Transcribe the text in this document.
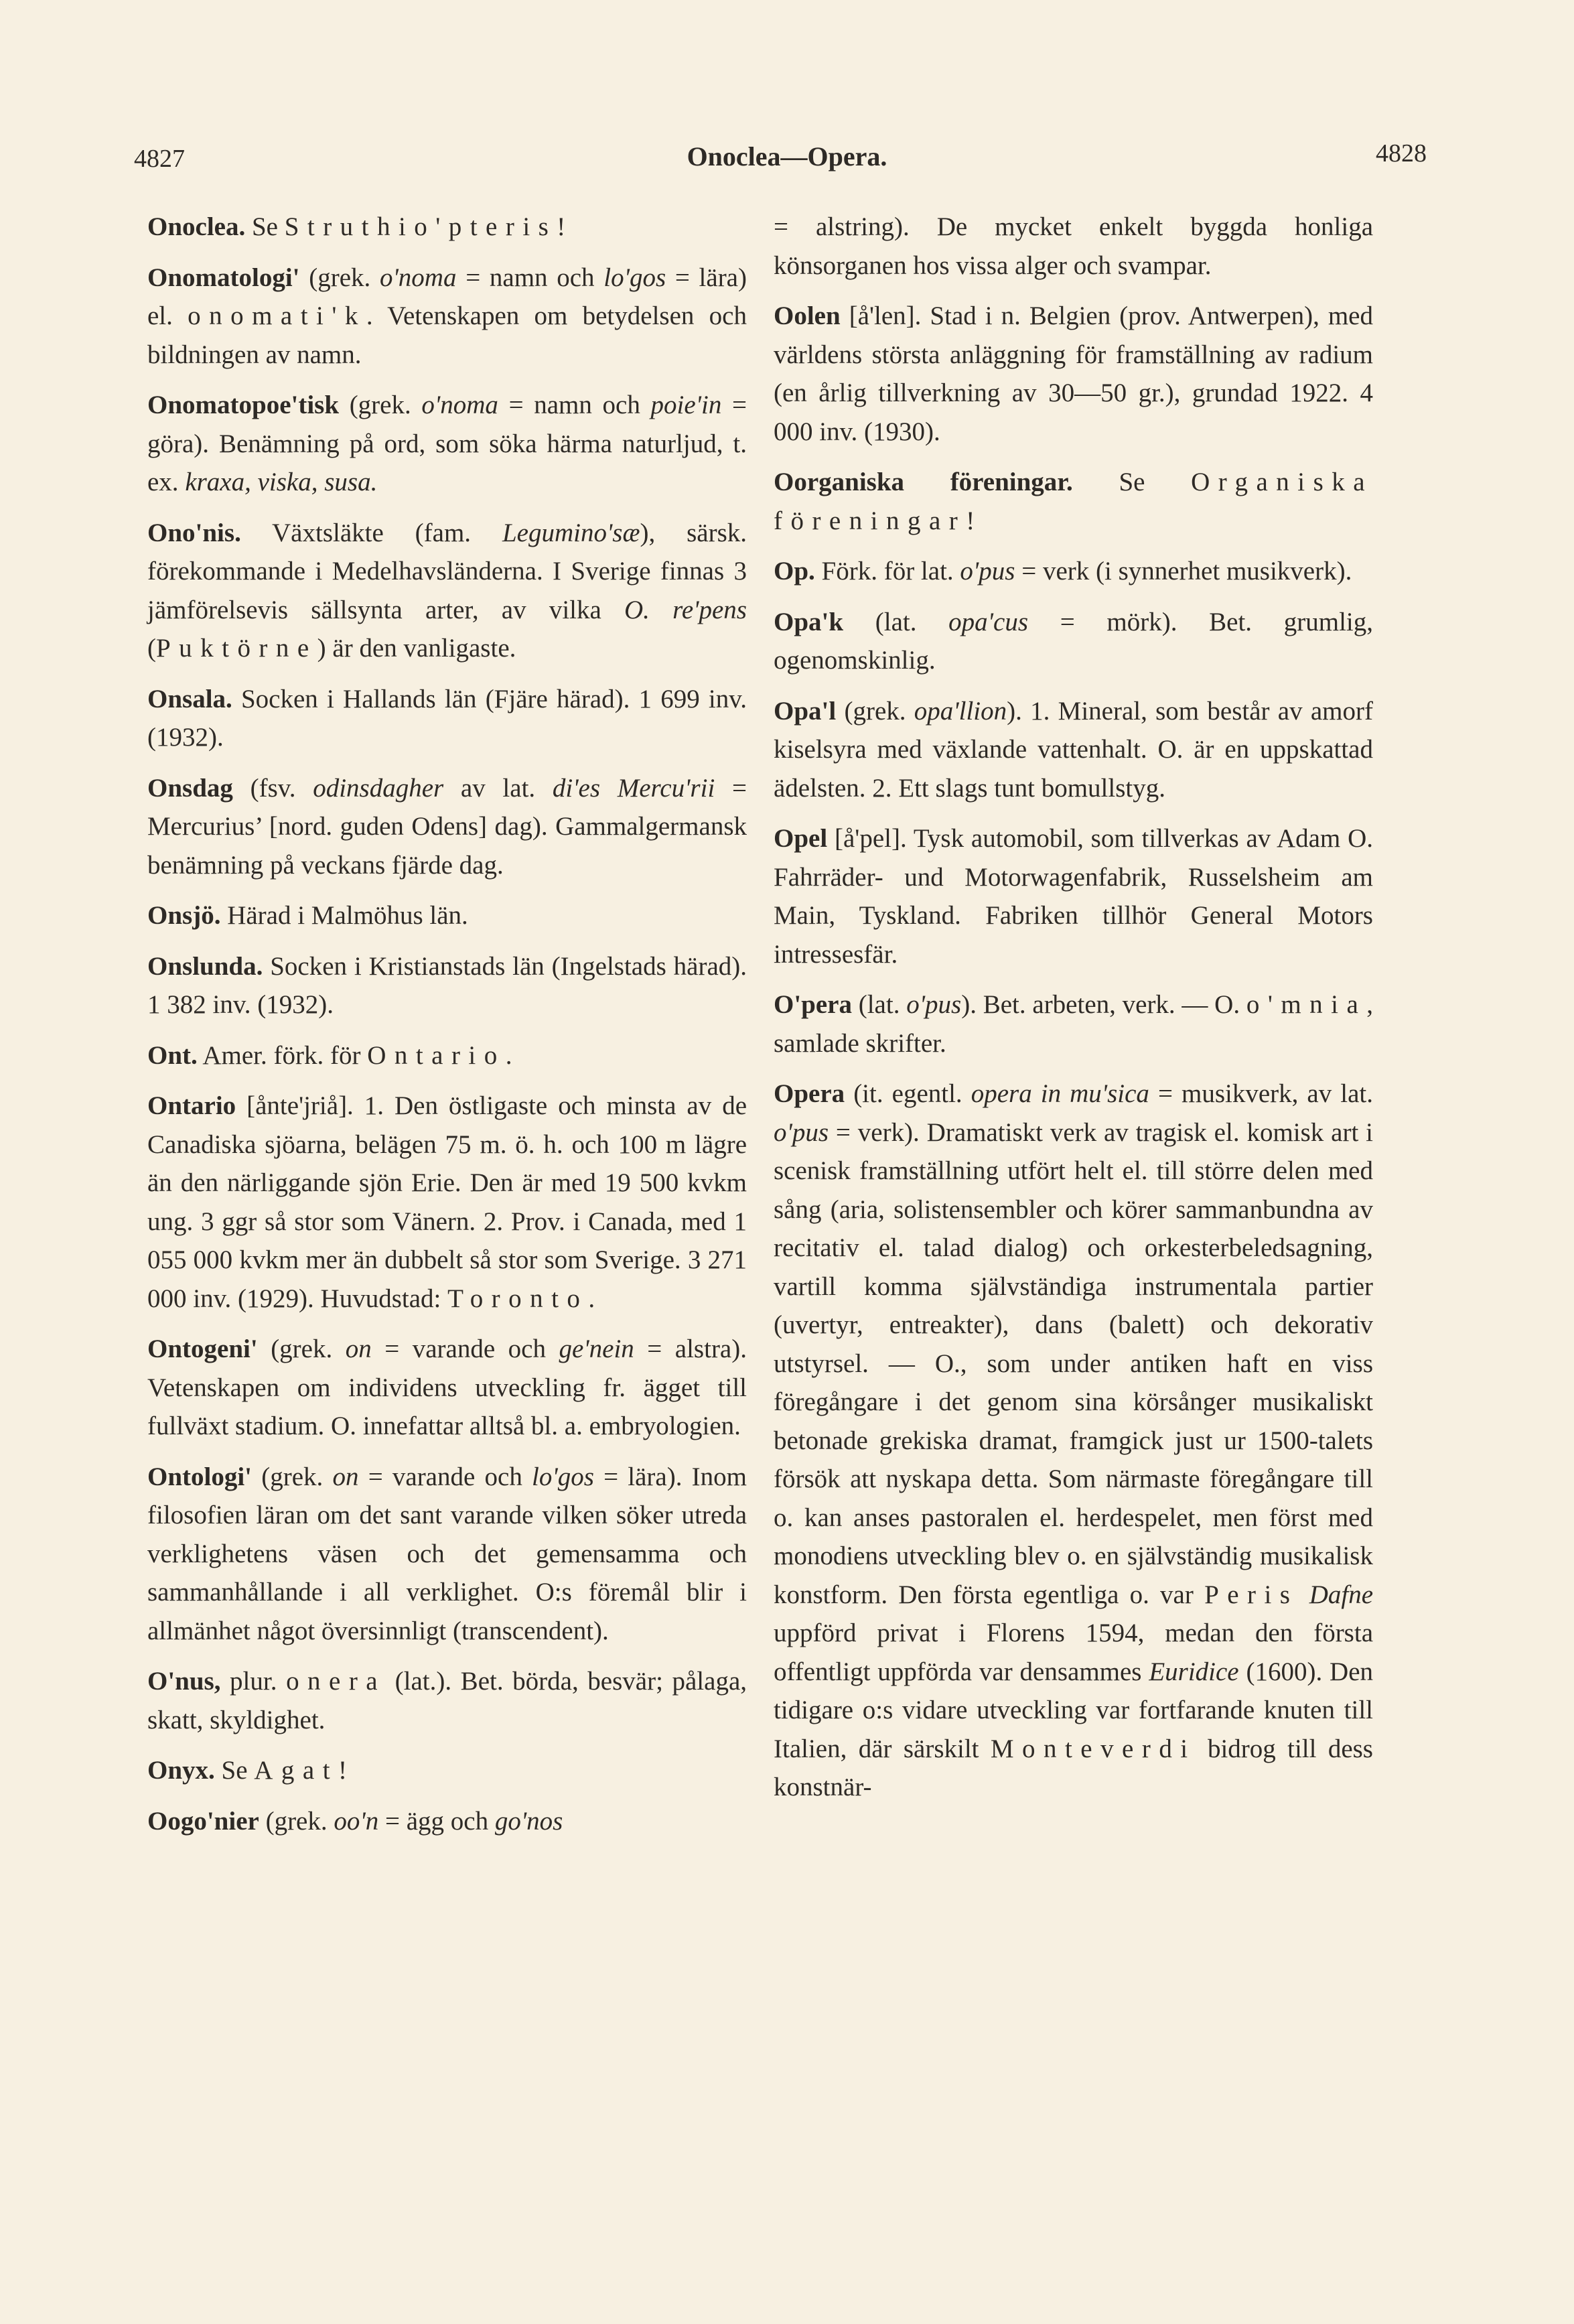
4827	Onoclea—Opera.	4828

Onoclea. Se Struthio'pteris!

Onomatologi' (grek. o'noma = namn och lo'gos = lära) el. onomati'k. Vetenskapen om betydelsen och bildningen av namn.

Onomatopoe'tisk (grek. o'noma = namn och poie'in = göra). Benämning på ord, som söka härma naturljud, t. ex. kraxa, viska, susa.

Ono'nis. Växtsläkte (fam. Legumino'sæ), särsk. förekommande i Medelhavsländerna. I Sverige finnas 3 jämförelsevis sällsynta arter, av vilka O. re'pens (Puktörne) är den vanligaste.

Onsala. Socken i Hallands län (Fjäre härad). 1 699 inv. (1932).

Onsdag (fsv. odinsdagher av lat. di'es Mercu'rii = Mercurius’ [nord. guden Odens] dag). Gammalgermansk benämning på veckans fjärde dag.

Onsjö. Härad i Malmöhus län.

Onslunda. Socken i Kristianstads län (Ingelstads härad). 1 382 inv. (1932).

Ont. Amer. förk. för Ontario.

Ontario [ånte'jriå]. 1. Den östligaste och minsta av de Canadiska sjöarna, belägen 75 m. ö. h. och 100 m lägre än den närliggande sjön Erie. Den är med 19 500 kvkm ung. 3 ggr så stor som Vänern. 2. Prov. i Canada, med 1 055 000 kvkm mer än dubbelt så stor som Sverige. 3 271 000 inv. (1929). Huvudstad: Toronto.

Ontogeni' (grek. on = varande och ge'nein = alstra). Vetenskapen om individens utveckling fr. ägget till fullväxt stadium. O. innefattar alltså bl. a. embryologien.

Ontologi' (grek. on = varande och lo'gos = lära). Inom filosofien läran om det sant varande vilken söker utreda verklighetens väsen och det gemensamma och sammanhållande i all verklighet. O:s föremål blir i allmänhet något översinnligt (transcendent).

O'nus, plur. onera (lat.). Bet. börda, besvär; pålaga, skatt, skyldighet.

Onyx. Se Agat!

Oogo'nier (grek. oo'n = ägg och go'nos

= alstring). De mycket enkelt byggda honliga könsorganen hos vissa alger och svampar.

Oolen [å'len]. Stad i n. Belgien (prov. Antwerpen), med världens största anläggning för framställning av radium (en årlig tillverkning av 30—50 gr.), grundad 1922. 4 000 inv. (1930).

Oorganiska föreningar. Se Organiska föreningar!

Op. Förk. för lat. o'pus = verk (i synnerhet musikverk).

Opa'k (lat. opa'cus = mörk). Bet. grumlig, ogenomskinlig.

Opa'l (grek. opa'llion). 1. Mineral, som består av amorf kiselsyra med växlande vattenhalt. O. är en uppskattad ädelsten. 2. Ett slags tunt bomullstyg.

Opel [å'pel]. Tysk automobil, som tillverkas av Adam O. Fahrräder- und Motorwagenfabrik, Russelsheim am Main, Tyskland. Fabriken tillhör General Motors intressesfär.

O'pera (lat. o'pus). Bet. arbeten, verk. — O. o'mnia, samlade skrifter.

Opera (it. egentl. opera in mu'sica = musikverk, av lat. o'pus = verk). Dramatiskt verk av tragisk el. komisk art i scenisk framställning utfört helt el. till större delen med sång (aria, solistensembler och körer sammanbundna av recitativ el. talad dialog) och orkesterbeledsagning, vartill komma självständiga instrumentala partier (uvertyr, entreakter), dans (balett) och dekorativ utstyrsel. — O., som under antiken haft en viss föregångare i det genom sina körsånger musikaliskt betonade grekiska dramat, framgick just ur 1500-talets försök att nyskapa detta. Som närmaste föregångare till o. kan anses pastoralen el. herdespelet, men först med monodiens utveckling blev o. en självständig musikalisk konstform. Den första egentliga o. var Peris Dafne uppförd privat i Florens 1594, medan den första offentligt uppförda var densammes Euridice (1600). Den tidigare o:s vidare utveckling var fortfarande knuten till Italien, där särskilt Monteverdi bidrog till dess konstnär-
